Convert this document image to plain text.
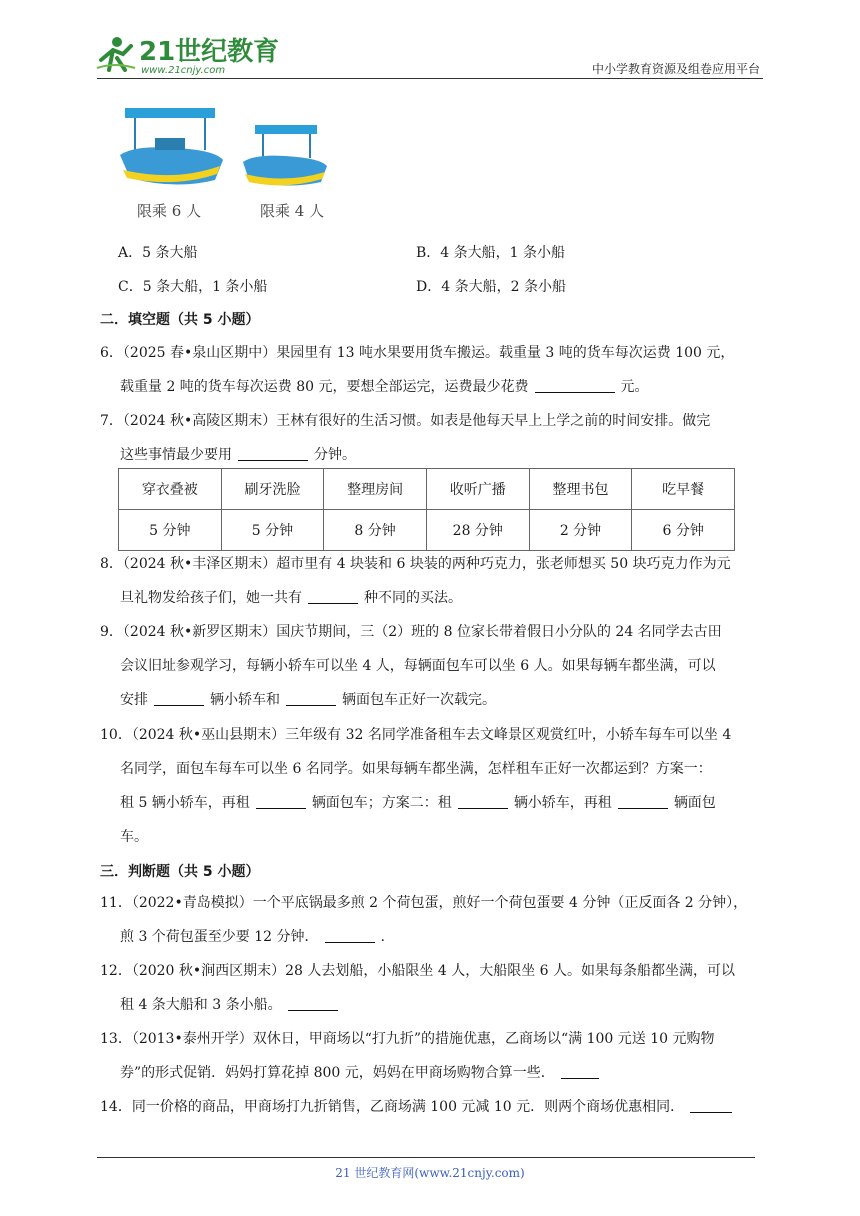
21世纪教育
www.21cnjy.com	中小学教育资源及组卷应用平台
限乘 6 人	限乘 4 人
A．5 条大船	B．4 条大船，1 条小船
C．5 条大船，1 条小船	D．4 条大船，2 条小船
二．填空题（共 5 小题）
6．（2025 春•泉山区期中）果园里有 13 吨水果要用货车搬运。载重量 3 吨的货车每次运费 100 元，
载重量 2 吨的货车每次运费 80 元，要想全部运完，运费最少花费	元。
7．（2024 秋•高陵区期末）王林有很好的生活习惯。如表是他每天早上上学之前的时间安排。做完
这些事情最少要用	分钟。
穿衣叠被	刷牙洗脸	整理房间	收听广播	整理书包	吃早餐
5 分钟	5 分钟	8 分钟	28 分钟	2 分钟	6 分钟
8．（2024 秋•丰泽区期末）超市里有 4 块装和 6 块装的两种巧克力，张老师想买 50 块巧克力作为元
旦礼物发给孩子们，她一共有	种不同的买法。
9．（2024 秋•新罗区期末）国庆节期间，三（2）班的 8 位家长带着假日小分队的 24 名同学去古田
会议旧址参观学习，每辆小轿车可以坐 4 人，每辆面包车可以坐 6 人。如果每辆车都坐满，可以
安排	辆小轿车和	辆面包车正好一次载完。
10．（2024 秋•巫山县期末）三年级有 32 名同学准备租车去文峰景区观赏红叶，小轿车每车可以坐 4
名同学，面包车每车可以坐 6 名同学。如果每辆车都坐满，怎样租车正好一次都运到？方案一：
租 5 辆小轿车，再租	辆面包车；方案二：租	辆小轿车，再租	辆面包
车。
三．判断题（共 5 小题）
11．（2022•青岛模拟）一个平底锅最多煎 2 个荷包蛋，煎好一个荷包蛋要 4 分钟（正反面各 2 分钟），
煎 3 个荷包蛋至少要 12 分钟．	.
12．（2020 秋•涧西区期末）28 人去划船，小船限坐 4 人，大船限坐 6 人。如果每条船都坐满，可以
租 4 条大船和 3 条小船。
13．（2013•泰州开学）双休日，甲商场以“打九折”的措施优惠，乙商场以“满 100 元送 10 元购物
券”的形式促销．妈妈打算花掉 800 元，妈妈在甲商场购物合算一些．
14．同一价格的商品，甲商场打九折销售，乙商场满 100 元减 10 元．则两个商场优惠相同．
21 世纪教育网(www.21cnjy.com)
